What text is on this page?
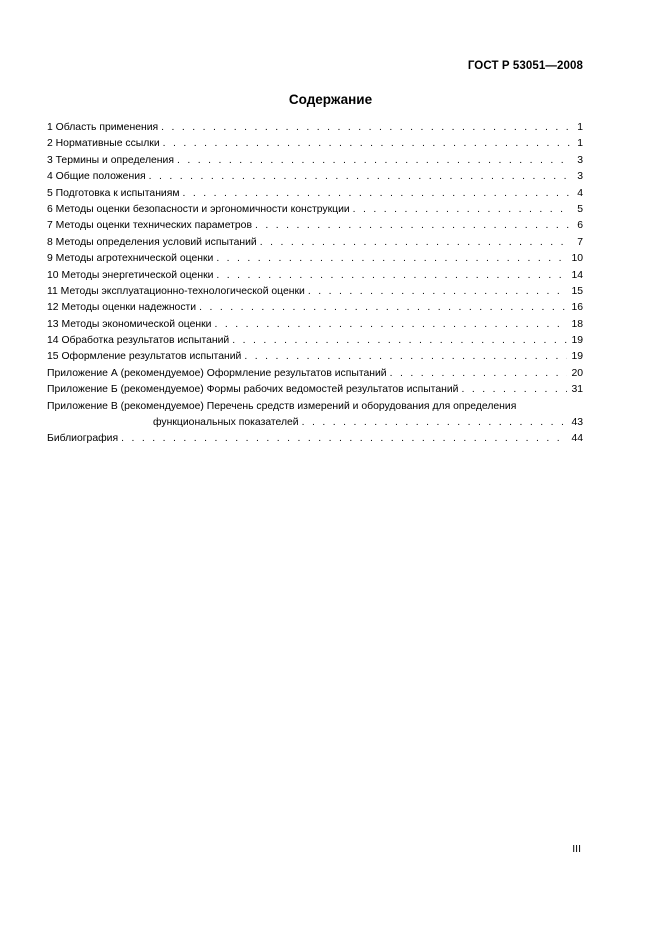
ГОСТ Р 53051—2008
Содержание
1 Область применения . . .	1
2 Нормативные ссылки . . .	1
3 Термины и определения . . .	3
4 Общие положения . . .	3
5 Подготовка к испытаниям . . .	4
6 Методы оценки безопасности и эргономичности конструкции . . .	5
7 Методы оценки технических параметров . . .	6
8 Методы определения условий испытаний . . .	7
9 Методы агротехнической оценки . . .	10
10 Методы энергетической оценки . . .	14
11 Методы эксплуатационно-технологической оценки . . .	15
12 Методы оценки надежности . . .	16
13 Методы экономической оценки . . .	18
14 Обработка результатов испытаний . . .	19
15 Оформление результатов испытаний . . .	19
Приложение А (рекомендуемое) Оформление результатов испытаний . . .	20
Приложение Б (рекомендуемое) Формы рабочих ведомостей результатов испытаний . . .	31
Приложение В (рекомендуемое) Перечень средств измерений и оборудования для определения
функциональных показателей . . .	43
Библиография . . .	44
III
